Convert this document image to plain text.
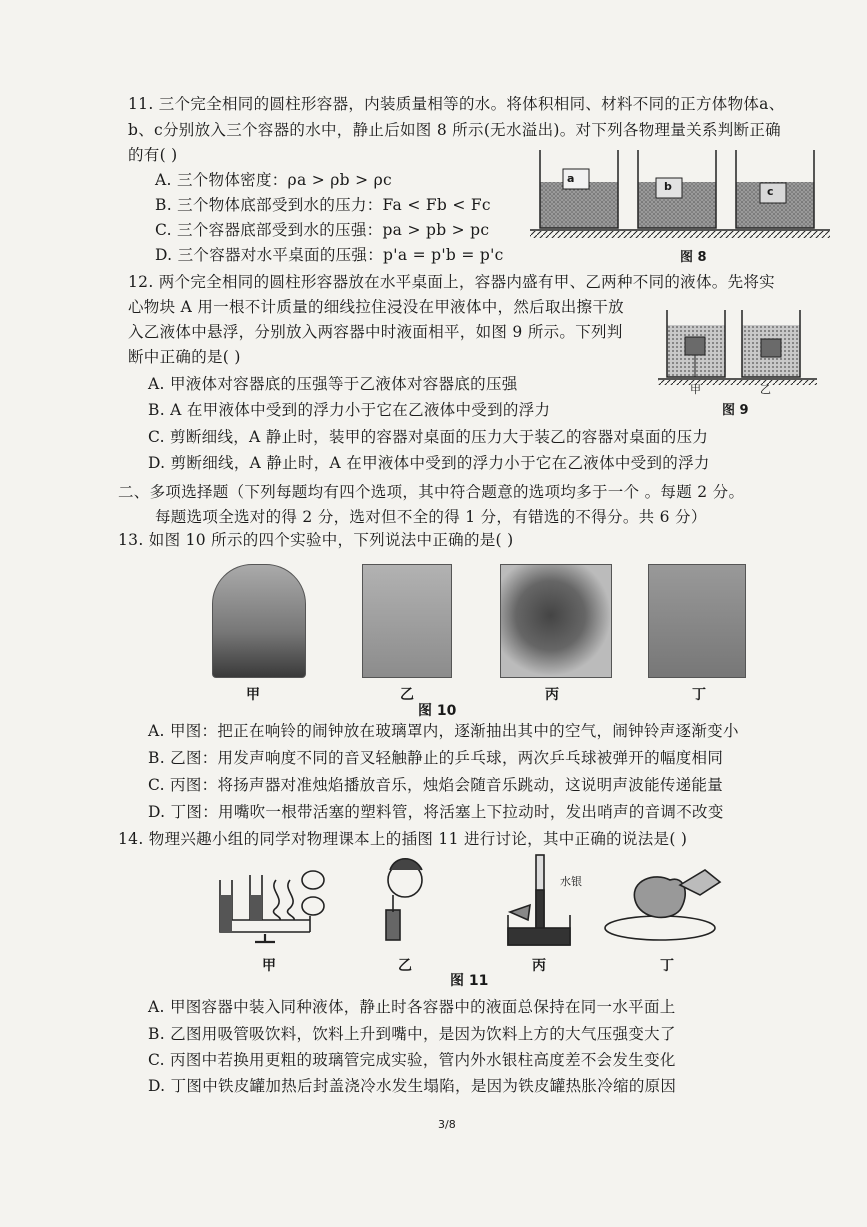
11. 三个完全相同的圆柱形容器，内装质量相等的水。将体积相同、材料不同的正方体物体a、
b、c分别放入三个容器的水中，静止后如图 8 所示(无水溢出)。对下列各物理量关系判断正确
的有( )
A. 三个物体密度：ρa > ρb > ρc
B. 三个物体底部受到水的压力：Fa < Fb < Fc
C. 三个容器底部受到水的压强：pa > pb > pc
D. 三个容器对水平桌面的压强：p'a = p'b = p'c
a
b	c
图 8
12. 两个完全相同的圆柱形容器放在水平桌面上，容器内盛有甲、乙两种不同的液体。先将实
心物块 A 用一根不计质量的细线拉住浸没在甲液体中，然后取出擦干放
入乙液体中悬浮，分别放入两容器中时液面相平，如图 9 所示。下列判
断中正确的是( )
A. 甲液体对容器底的压强等于乙液体对容器底的压强
B. A 在甲液体中受到的浮力小于它在乙液体中受到的浮力
C. 剪断细线，A 静止时，装甲的容器对桌面的压力大于装乙的容器对桌面的压力
D. 剪断细线，A 静止时，A 在甲液体中受到的浮力小于它在乙液体中受到的浮力
甲	乙
图 9
二、多项选择题（下列每题均有四个选项，其中符合题意的选项均多于一个 。每题 2 分。
每题选项全选对的得 2 分，选对但不全的得 1 分，有错选的不得分。共 6 分）
13. 如图 10 所示的四个实验中，下列说法中正确的是( )
甲	乙	丙	丁
图 10
A. 甲图：把正在响铃的闹钟放在玻璃罩内，逐渐抽出其中的空气，闹钟铃声逐渐变小
B. 乙图：用发声响度不同的音叉轻触静止的乒乓球，两次乒乓球被弹开的幅度相同
C. 丙图：将扬声器对准烛焰播放音乐，烛焰会随音乐跳动，这说明声波能传递能量
D. 丁图：用嘴吹一根带活塞的塑料管，将活塞上下拉动时，发出哨声的音调不改变
14. 物理兴趣小组的同学对物理课本上的插图 11 进行讨论，其中正确的说法是( )
水银
甲	乙	丙	丁
图 11
A. 甲图容器中装入同种液体，静止时各容器中的液面总保持在同一水平面上
B. 乙图用吸管吸饮料，饮料上升到嘴中，是因为饮料上方的大气压强变大了
C. 丙图中若换用更粗的玻璃管完成实验，管内外水银柱高度差不会发生变化
D. 丁图中铁皮罐加热后封盖浇冷水发生塌陷，是因为铁皮罐热胀冷缩的原因
3/8
